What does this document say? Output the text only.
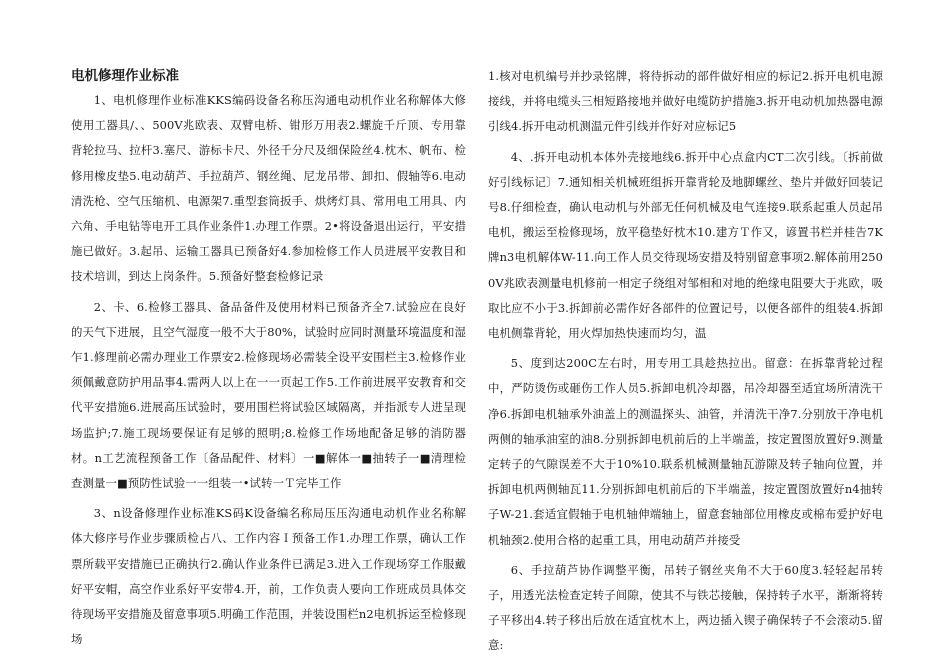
电机修理作业标准

1、电机修理作业标准KKS编码设备名称压沟通电动机作业名称解体大修使用工器具/、、500V兆欧表、双臂电桥、钳形万用表2.螺旋千斤顶、专用靠背轮拉马、拉杆3.塞尺、游标卡尺、外径千分尺及细保险丝4.枕木、帆布、检修用橡皮垫5.电动葫芦、手拉葫芦、钢丝绳、尼龙吊带、卸扣、假轴等6.电动清洗枪、空气压缩机、电源架7.重型套筒扳手、烘烤灯具、常用电工用具、内六角、手电钻等电开工具作业条件1.办理工作票。2•将设备退出运行，平安措施已做好。3.起吊、运输工器具已预备好4.参加检修工作人员进展平安教目和技术培训，到达上岗条件。5.预备好整套检修记录

2、卡、6.检修工器具、备品备件及使用材料已预备齐全7.试验应在良好的天气下进展，且空气湿度一般不大于80%，试验时应同时测量环境温度和湿乍1.修理前必需办理业工作票安2.检修现场必需装全设平安围栏主3.检修作业须佩戴意防护用品事4.需两人以上在一一页起工作5.工作前进展平安教育和交代平安措施6.进展高压试验时，要用围栏将试验区域隔离，并指派专人进呈现场监护;7.施工现场要保证有足够的照明;8.检修工作场地配备足够的消防器材。n工艺流程预备工作〔备品配件、材料〕一■解体一■抽转子一■清理检查测量一■预防性试验一一组装一•试转一Ｔ完毕工作

3、n设备修理作业标准KS码K设备编名称局压压沟通电动机作业名称解体大修序号作业步骤质检占八、工作内容Ｉ预备工作1.办理工作票，确认工作票所载平安措施已正确执行2.确认作业条件已满足3.进入工作现场穿工作服戴好平安帽，高空作业系好平安带4.开，前，工作负责人要向工作班成员具体交待现场平安措施及留意事项5.明确工作范围，并装设围栏n2电机拆运至检修现场

1.核对电机编号并抄录铭牌，将待拆动的部件做好相应的标记2.拆开电机电源接线，并将电缆头三相短路接地并做好电缆防护措施3.拆开电动机加热器电源引线4.拆开电动机测温元件引线并作好对应标记5

4、.拆开电动机本体外壳接地线6.拆开中心点盒内CT二次引线。〔拆前做好引线标记〕7.通知相关机械班组拆开靠背轮及地脚螺丝、垫片并做好回装记号8.仔细检查，确认电动机与外部无任何机械及电气连接9.联系起重人员起吊电机，搬运至检修现场，放平稳垫好枕木10.建方Ｔ作又，谚置书栏并桂告7K牌n3电机解体W-11.向工作人员交待现场安措及特别留意事项2.解体前用2500V兆欧表测量电机修前一相定子绕组对邹相和对地的绝缘电阻要大于兆欧，吸取比应不小于3.拆卸前必需作好各部件的位置记号，以便各部件的组装4.拆卸电机侧靠背轮，用火焊加热快速而均匀，温

5、度到达200C左右时，用专用工具趁热拉出。留意：在拆靠背轮过程中，严防烫伤或砸伤工作人员5.拆卸电机冷却器，吊冷却器至适宜场所清洗干净6.拆卸电机轴承外油盖上的测温探头、油管，并清洗干净7.分别放干净电机两侧的轴承油室的油8.分别拆卸电机前后的上半端盖，按定置图放置好9.测量定转子的气隙误差不大于10%10.联系机械测量轴瓦游隙及转子轴向位置，并拆卸电机两侧轴瓦11.分别拆卸电机前后的下半端盖，按定置图放置好n4抽转子W-21.套适宜假轴于电机轴伸端轴上，留意套轴部位用橡皮或棉布爱护好电机轴颈2.使用合格的起重工具，用电动葫芦并接受

6、手拉葫芦协作调整平衡，吊转子钢丝夹角不大于60度3.轻轻起吊转子，用透光法检查定转子间隙，使其不与铁芯接触，保持转子水平，渐渐将转子平移出4.转子移出后放在适宜枕木上，两边插入锲子确保转子不会滚动5.留意:
